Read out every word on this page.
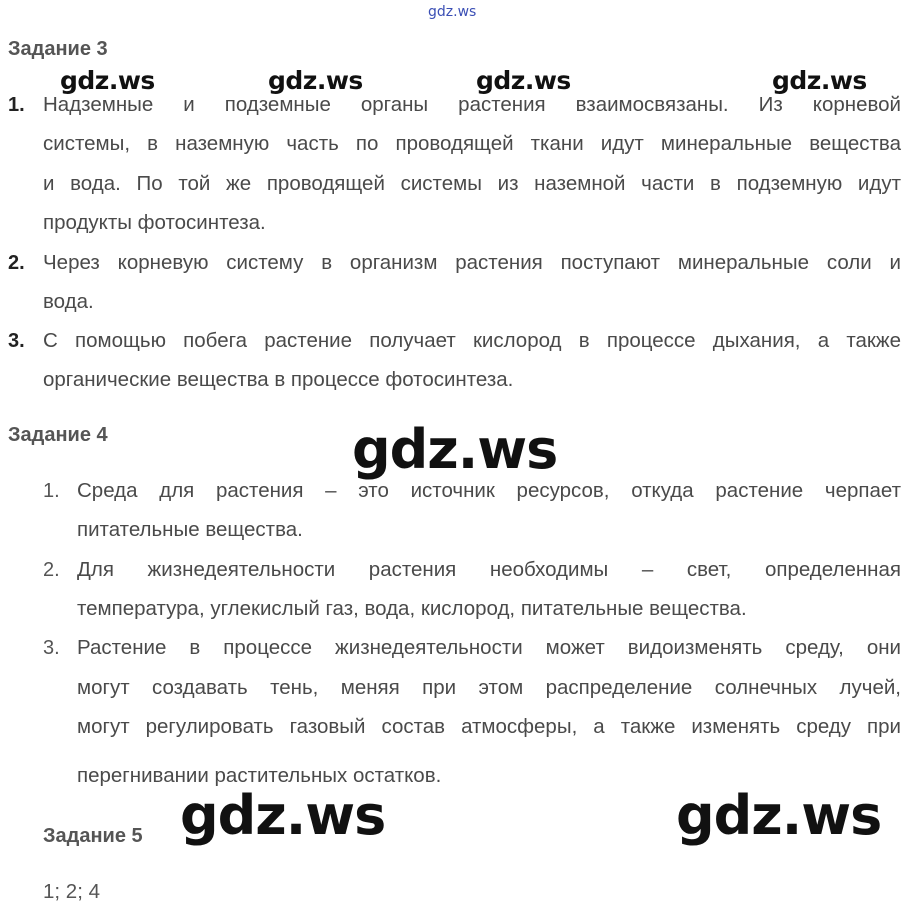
gdz.ws
gdz.ws	gdz.ws	gdz.ws	gdz.ws
Задание 3
1. Надземные и подземные органы растения взаимосвязаны. Из корневой
системы, в наземную часть по проводящей ткани идут минеральные вещества
и вода. По той же проводящей системы из наземной части в подземную идут
продукты фотосинтеза.
2. Через корневую систему в организм растения поступают минеральные соли и
вода.
3. С помощью побега растение получает кислород в процессе дыхания, а также
органические вещества в процессе фотосинтеза.
Задание 4	gdz.ws
1. Среда для растения – это источник ресурсов, откуда растение черпает
питательные вещества.
2. Для жизнедеятельности растения необходимы – свет, определенная
температура, углекислый газ, вода, кислород, питательные вещества.
3. Растение в процессе жизнедеятельности может видоизменять среду, они
могут создавать тень, меняя при этом распределение солнечных лучей,
могут регулировать газовый состав атмосферы, а также изменять среду при
перегнивании растительных остатков.
Задание 5 gdz.ws	gdz.ws
1; 2; 4
